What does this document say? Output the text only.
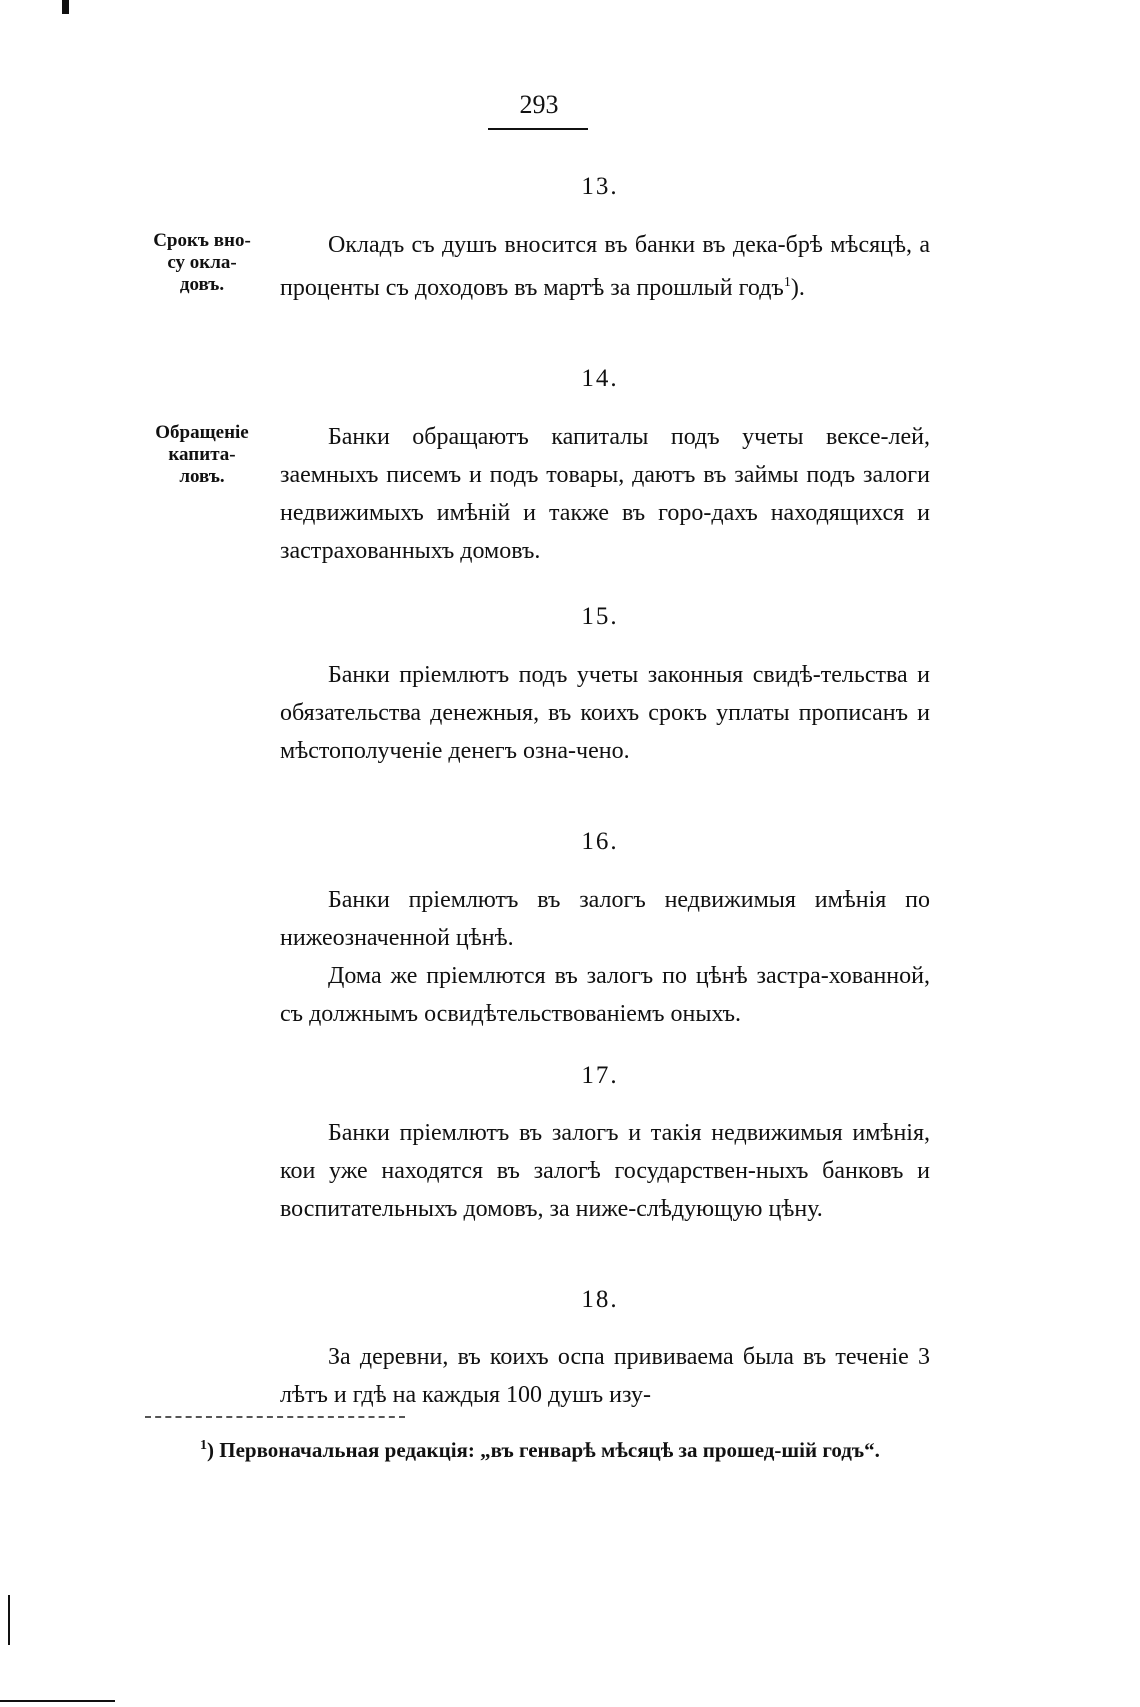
293
13.
Срокъ вно-
су окла-
довъ.
Окладъ съ душъ вносится въ банки въ дека-брѣ мѣсяцѣ, а проценты съ доходовъ въ мартѣ за прошлый годъ$^1$).
14.
Обращеніе
капита-
ловъ.
Банки обращаютъ капиталы подъ учеты вексе-лей, заемныхъ писемъ и подъ товары, даютъ въ займы подъ залоги недвижимыхъ имѣній и также въ горо-дахъ находящихся и застрахованныхъ домовъ.
15.
Банки пріемлютъ подъ учеты законныя свидѣ-тельства и обязательства денежныя, въ коихъ срокъ уплаты прописанъ и мѣстополученіе денегъ озна-чено.
16.
Банки пріемлютъ въ залогъ недвижимыя имѣнія по нижеозначенной цѣнѣ.
Дома же пріемлются въ залогъ по цѣнѣ застра-хованной, съ должнымъ освидѣтельствованіемъ оныхъ.
17.
Банки пріемлютъ въ залогъ и такія недвижимыя имѣнія, кои уже находятся въ залогѣ государствен-ныхъ банковъ и воспитательныхъ домовъ, за ниже-слѣдующую цѣну.
18.
За деревни, въ коихъ оспа прививаема была въ теченіе 3 лѣтъ и гдѣ на каждыя 100 душъ изу-
$^1$) Первоначальная редакція: „въ генварѣ мѣсяцѣ за прошед-шій годъ“.
